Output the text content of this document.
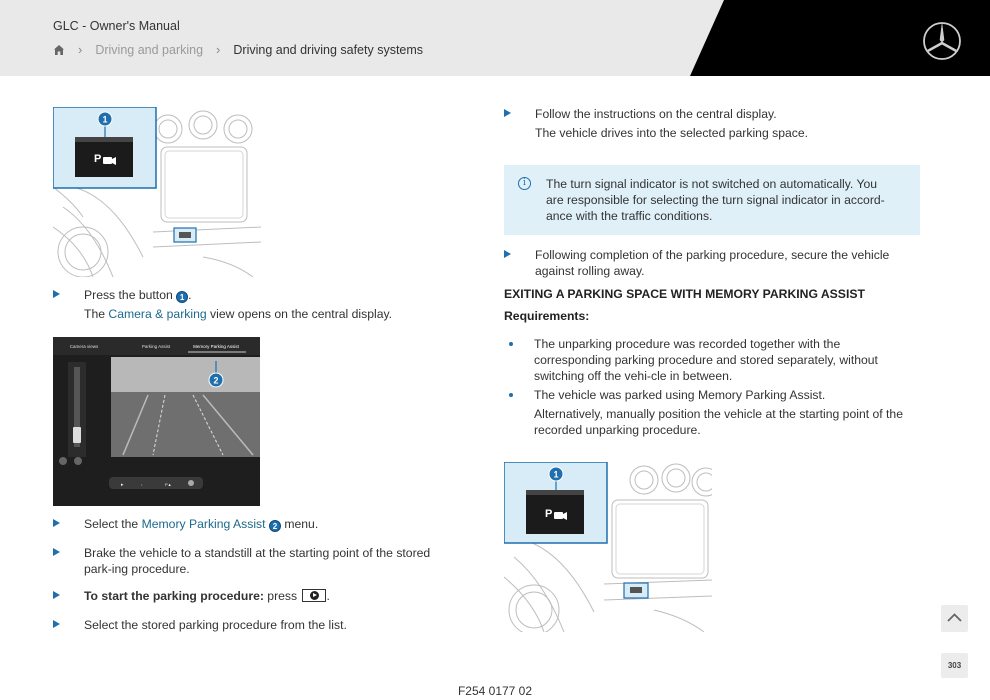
GLC - Owner's Manual
› Driving and parking › Driving and driving safety systems
P
1
Press the button 1 .
The Camera & parking view opens on the central display.
Camera views	Parking Assist	Memory Parking Assist
▸	•	P▲
2
Select the Memory Parking Assist 2 menu.
Brake the vehicle to a standstill at the starting point of the stored park-ing procedure.
To start the parking procedure: press .
Select the stored parking procedure from the list.
Follow the instructions on the central display.
The vehicle drives into the selected parking space.
i	The turn signal indicator is not switched on automatically. You are responsible for selecting the turn signal indicator in accord-ance with the traffic conditions.
Following completion of the parking procedure, secure the vehicle against rolling away.
EXITING A PARKING SPACE WITH MEMORY PARKING ASSIST
Requirements:
The unparking procedure was recorded together with the corresponding parking procedure and stored separately, without switching off the vehi-cle in between.
The vehicle was parked using Memory Parking Assist.
Alternatively, manually position the vehicle at the starting point of the recorded unparking procedure.
P
1
303
F254 0177 02
